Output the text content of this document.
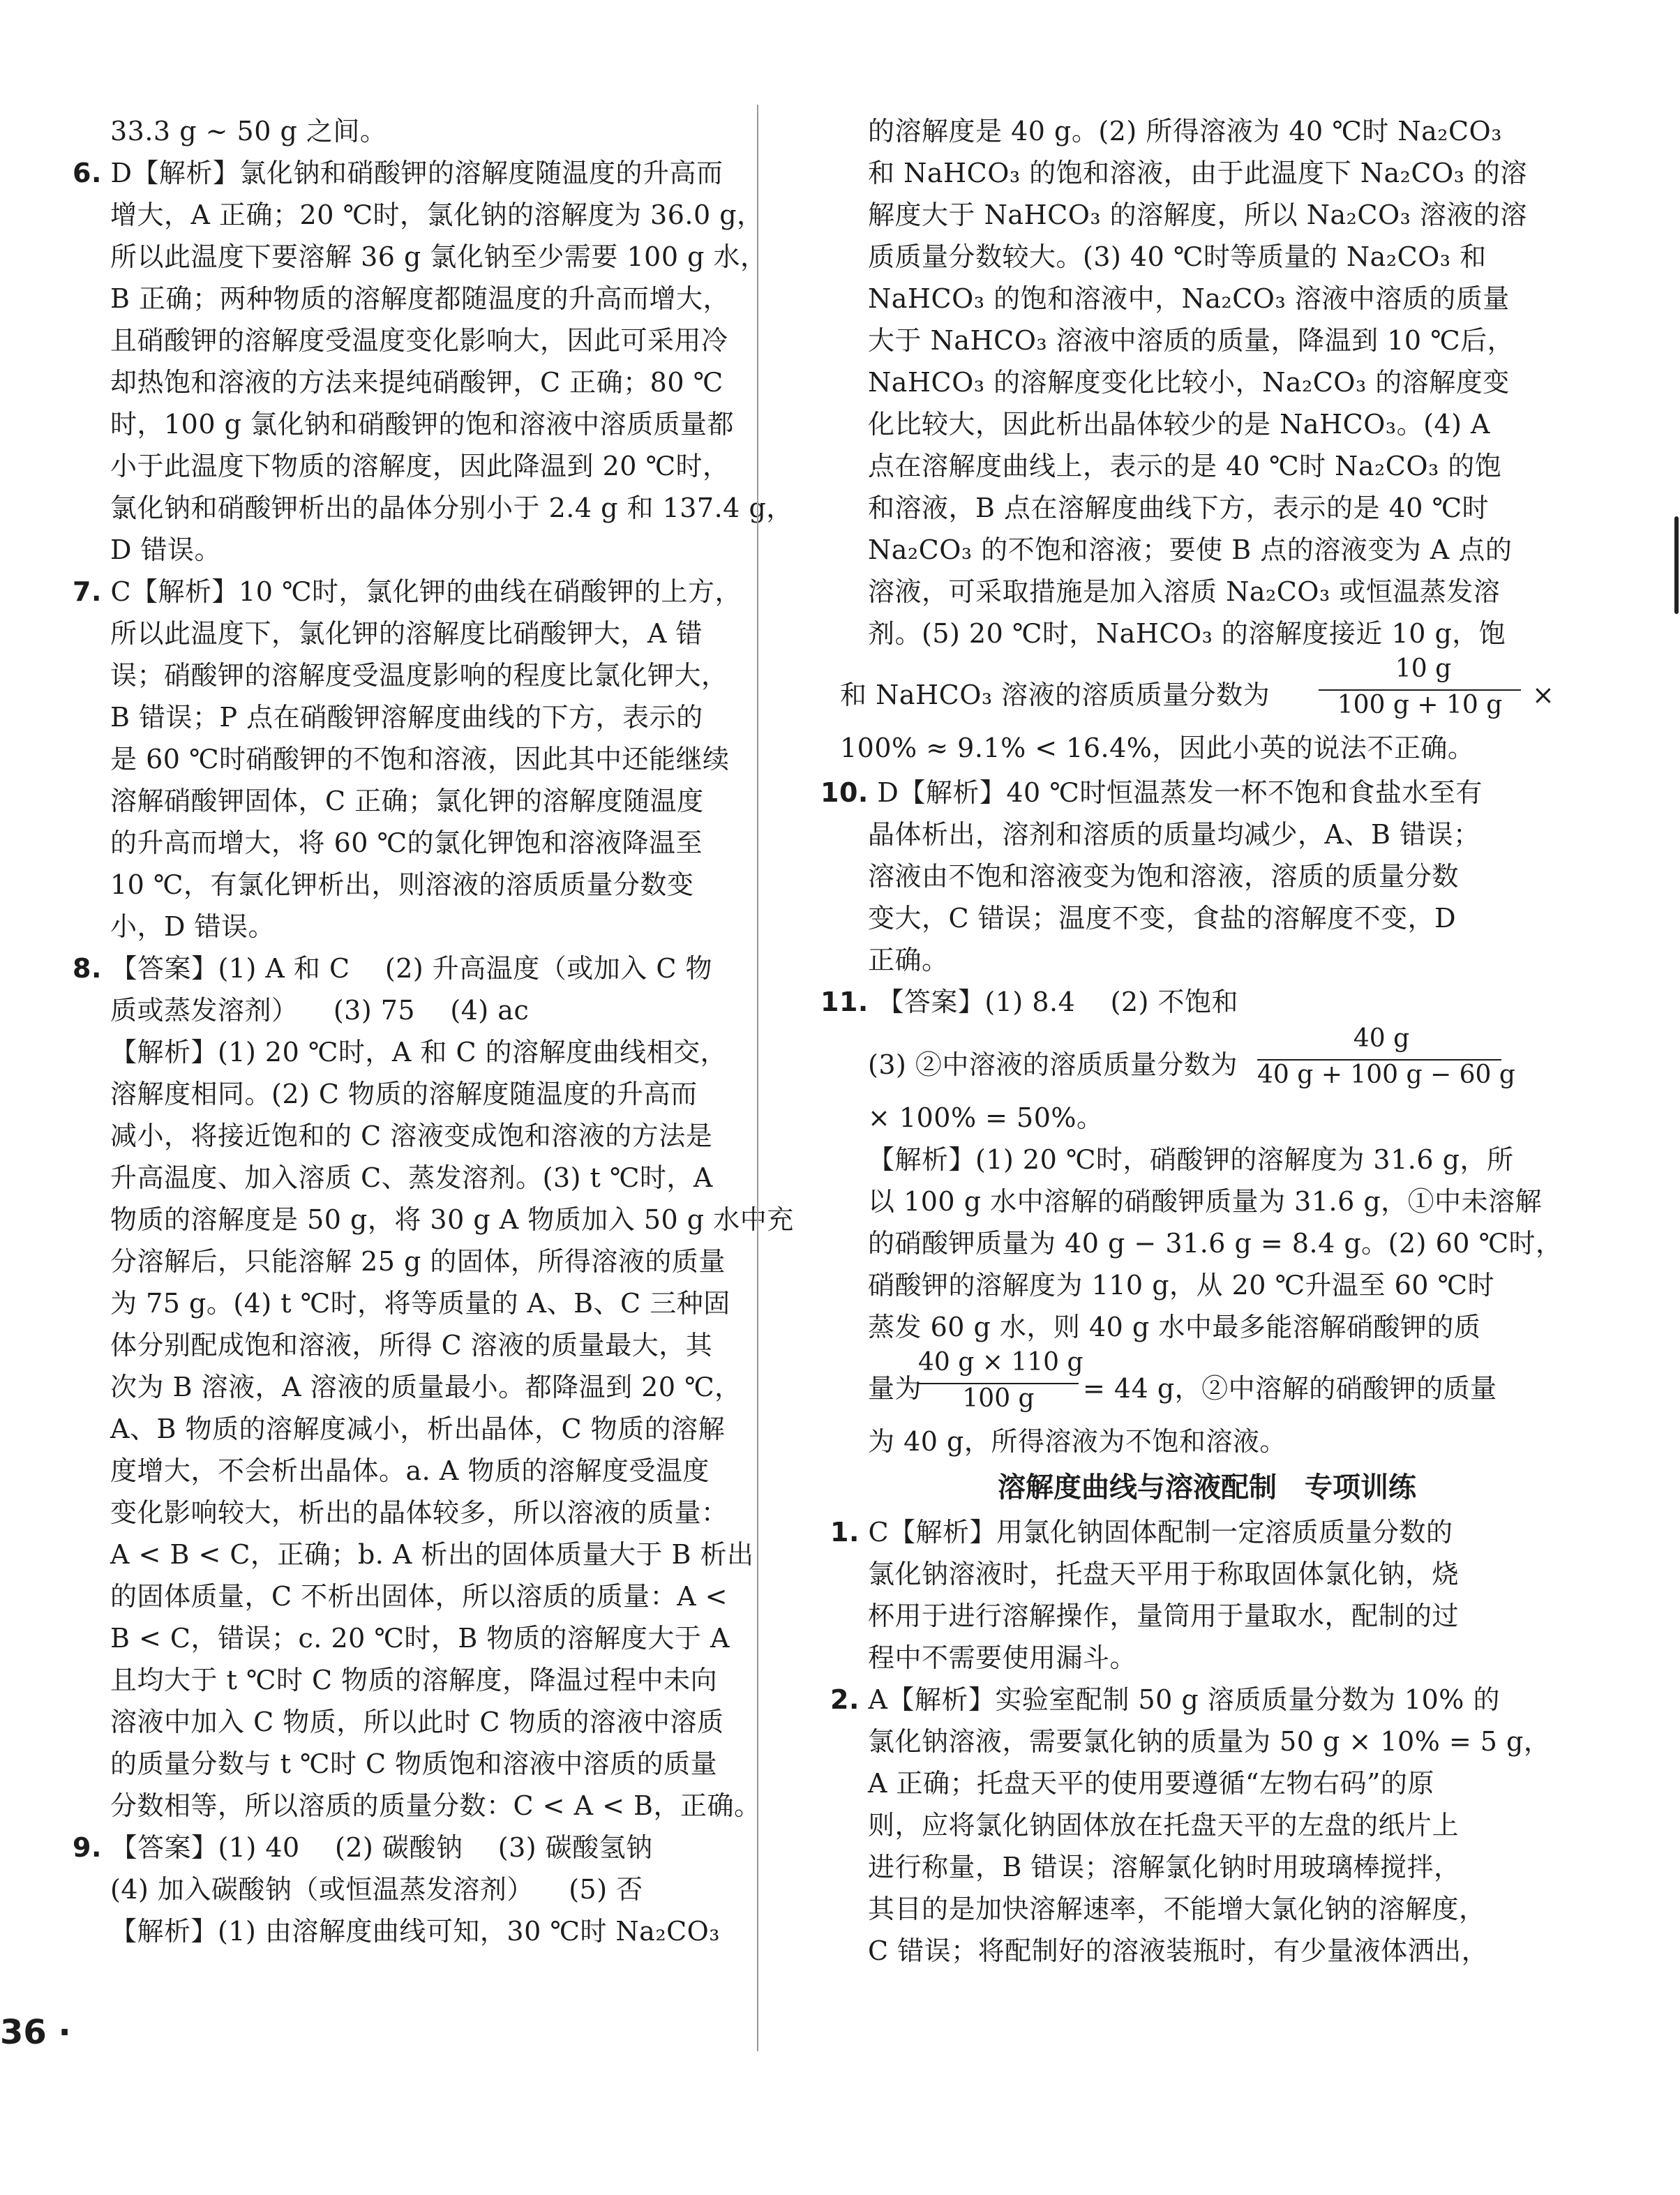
33.3 g ~ 50 g 之间。
6. D【解析】氯化钠和硝酸钾的溶解度随温度的升高而
增大，A 正确；20 ℃时，氯化钠的溶解度为 36.0 g，
所以此温度下要溶解 36 g 氯化钠至少需要 100 g 水，
B 正确；两种物质的溶解度都随温度的升高而增大，
且硝酸钾的溶解度受温度变化影响大，因此可采用冷
却热饱和溶液的方法来提纯硝酸钾，C 正确；80 ℃
时，100 g 氯化钠和硝酸钾的饱和溶液中溶质质量都
小于此温度下物质的溶解度，因此降温到 20 ℃时，
氯化钠和硝酸钾析出的晶体分别小于 2.4 g 和 137.4 g，
D 错误。
7. C【解析】10 ℃时，氯化钾的曲线在硝酸钾的上方，
所以此温度下，氯化钾的溶解度比硝酸钾大，A 错
误；硝酸钾的溶解度受温度影响的程度比氯化钾大，
B 错误；P 点在硝酸钾溶解度曲线的下方，表示的
是 60 ℃时硝酸钾的不饱和溶液，因此其中还能继续
溶解硝酸钾固体，C 正确；氯化钾的溶解度随温度
的升高而增大，将 60 ℃的氯化钾饱和溶液降温至
10 ℃，有氯化钾析出，则溶液的溶质质量分数变
小，D 错误。
8. 【答案】(1) A 和 C    (2) 升高温度（或加入 C 物
质或蒸发溶剂）    (3) 75    (4) ac
【解析】(1) 20 ℃时，A 和 C 的溶解度曲线相交，
溶解度相同。(2) C 物质的溶解度随温度的升高而
减小，将接近饱和的 C 溶液变成饱和溶液的方法是
升高温度、加入溶质 C、蒸发溶剂。(3) t ℃时，A
物质的溶解度是 50 g，将 30 g A 物质加入 50 g 水中充
分溶解后，只能溶解 25 g 的固体，所得溶液的质量
为 75 g。(4) t ℃时，将等质量的 A、B、C 三种固
体分别配成饱和溶液，所得 C 溶液的质量最大，其
次为 B 溶液，A 溶液的质量最小。都降温到 20 ℃，
A、B 物质的溶解度减小，析出晶体，C 物质的溶解
度增大，不会析出晶体。a. A 物质的溶解度受温度
变化影响较大，析出的晶体较多，所以溶液的质量：
A < B < C，正确；b. A 析出的固体质量大于 B 析出
的固体质量，C 不析出固体，所以溶质的质量：A <
B < C，错误；c. 20 ℃时，B 物质的溶解度大于 A
且均大于 t ℃时 C 物质的溶解度，降温过程中未向
溶液中加入 C 物质，所以此时 C 物质的溶液中溶质
的质量分数与 t ℃时 C 物质饱和溶液中溶质的质量
分数相等，所以溶质的质量分数：C < A < B，正确。
9. 【答案】(1) 40    (2) 碳酸钠    (3) 碳酸氢钠
(4) 加入碳酸钠（或恒温蒸发溶剂）    (5) 否
【解析】(1) 由溶解度曲线可知，30 ℃时 Na₂CO₃
的溶解度是 40 g。(2) 所得溶液为 40 ℃时 Na₂CO₃
和 NaHCO₃ 的饱和溶液，由于此温度下 Na₂CO₃ 的溶
解度大于 NaHCO₃ 的溶解度，所以 Na₂CO₃ 溶液的溶
质质量分数较大。(3) 40 ℃时等质量的 Na₂CO₃ 和
NaHCO₃ 的饱和溶液中，Na₂CO₃ 溶液中溶质的质量
大于 NaHCO₃ 溶液中溶质的质量，降温到 10 ℃后，
NaHCO₃ 的溶解度变化比较小，Na₂CO₃ 的溶解度变
化比较大，因此析出晶体较少的是 NaHCO₃。(4) A
点在溶解度曲线上，表示的是 40 ℃时 Na₂CO₃ 的饱
和溶液，B 点在溶解度曲线下方，表示的是 40 ℃时
Na₂CO₃ 的不饱和溶液；要使 B 点的溶液变为 A 点的
溶液，可采取措施是加入溶质 Na₂CO₃ 或恒温蒸发溶
剂。(5) 20 ℃时，NaHCO₃ 的溶解度接近 10 g，饱
和 NaHCO₃ 溶液的溶质质量分数为
10 g
100 g + 10 g	×
100% ≈ 9.1% < 16.4%，因此小英的说法不正确。
10. D【解析】40 ℃时恒温蒸发一杯不饱和食盐水至有
晶体析出，溶剂和溶质的质量均减少，A、B 错误；
溶液由不饱和溶液变为饱和溶液，溶质的质量分数
变大，C 错误；温度不变，食盐的溶解度不变，D
正确。
11. 【答案】(1) 8.4    (2) 不饱和
(3) ②中溶液的溶质质量分数为
40 g
40 g + 100 g − 60 g
× 100% = 50%。
【解析】(1) 20 ℃时，硝酸钾的溶解度为 31.6 g，所
以 100 g 水中溶解的硝酸钾质量为 31.6 g，①中未溶解
的硝酸钾质量为 40 g − 31.6 g = 8.4 g。(2) 60 ℃时，
硝酸钾的溶解度为 110 g，从 20 ℃升温至 60 ℃时
蒸发 60 g 水，则 40 g 水中最多能溶解硝酸钾的质
量为
40 g × 110 g
100 g	= 44 g，②中溶解的硝酸钾的质量
为 40 g，所得溶液为不饱和溶液。
溶解度曲线与溶液配制　专项训练
1. C【解析】用氯化钠固体配制一定溶质质量分数的
氯化钠溶液时，托盘天平用于称取固体氯化钠，烧
杯用于进行溶解操作，量筒用于量取水，配制的过
程中不需要使用漏斗。
2. A【解析】实验室配制 50 g 溶质质量分数为 10% 的
氯化钠溶液，需要氯化钠的质量为 50 g × 10% = 5 g，
A 正确；托盘天平的使用要遵循“左物右码”的原
则，应将氯化钠固体放在托盘天平的左盘的纸片上
进行称量，B 错误；溶解氯化钠时用玻璃棒搅拌，
其目的是加快溶解速率，不能增大氯化钠的溶解度，
C 错误；将配制好的溶液装瓶时，有少量液体洒出，
36 ·
